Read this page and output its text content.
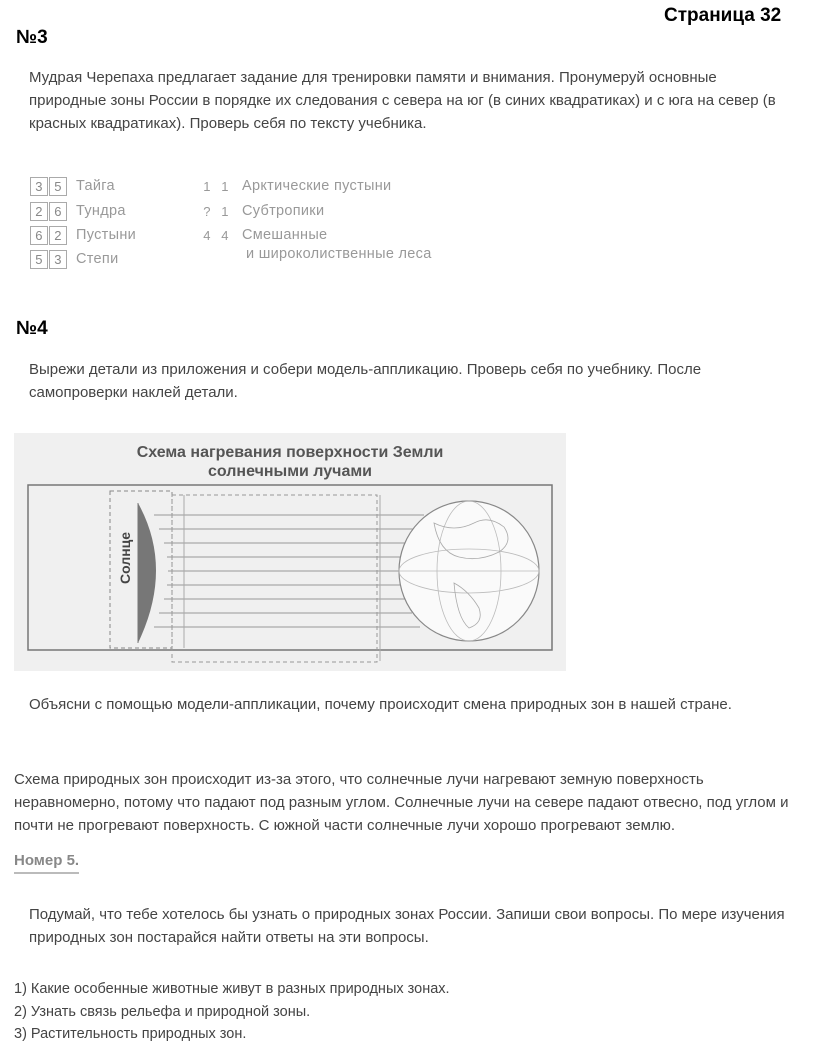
Страница 32
№3
Мудрая Черепаха предлагает задание для тренировки памяти и внимания. Пронумеруй основные природные зоны России в порядке их следования с севера на юг (в синих квадратиках) и с юга на север (в красных квадратиках). Проверь себя по тексту учебника.
3 5 Тайга
2 6 Тундра
6 2 Пустыни
5 3 Степи
1 1 Арктические пустыни
? 1 Субтропики
4 4 Смешанные
и широколиственные леса
№4
Вырежи детали из приложения и собери модель-аппликацию. Проверь себя по учебнику. После самопроверки наклей детали.
Схема нагревания поверхности Земли
солнечными лучами
Солнце
Объясни с помощью модели-аппликации, почему происходит смена природных зон в нашей стране.
Схема природных зон происходит из-за этого, что солнечные лучи нагревают земную поверхность неравномерно, потому что падают под разным углом. Солнечные лучи на севере падают отвесно, под углом и почти не прогревают поверхность. С южной части солнечные лучи хорошо прогревают землю.
Номер 5.
Подумай, что тебе хотелось бы узнать о природных зонах России. Запиши свои вопросы. По мере изучения природных зон постарайся найти ответы на эти вопросы.
1) Какие особенные животные живут в разных природных зонах.
2) Узнать связь рельефа и природной зоны.
3) Растительность природных зон.
